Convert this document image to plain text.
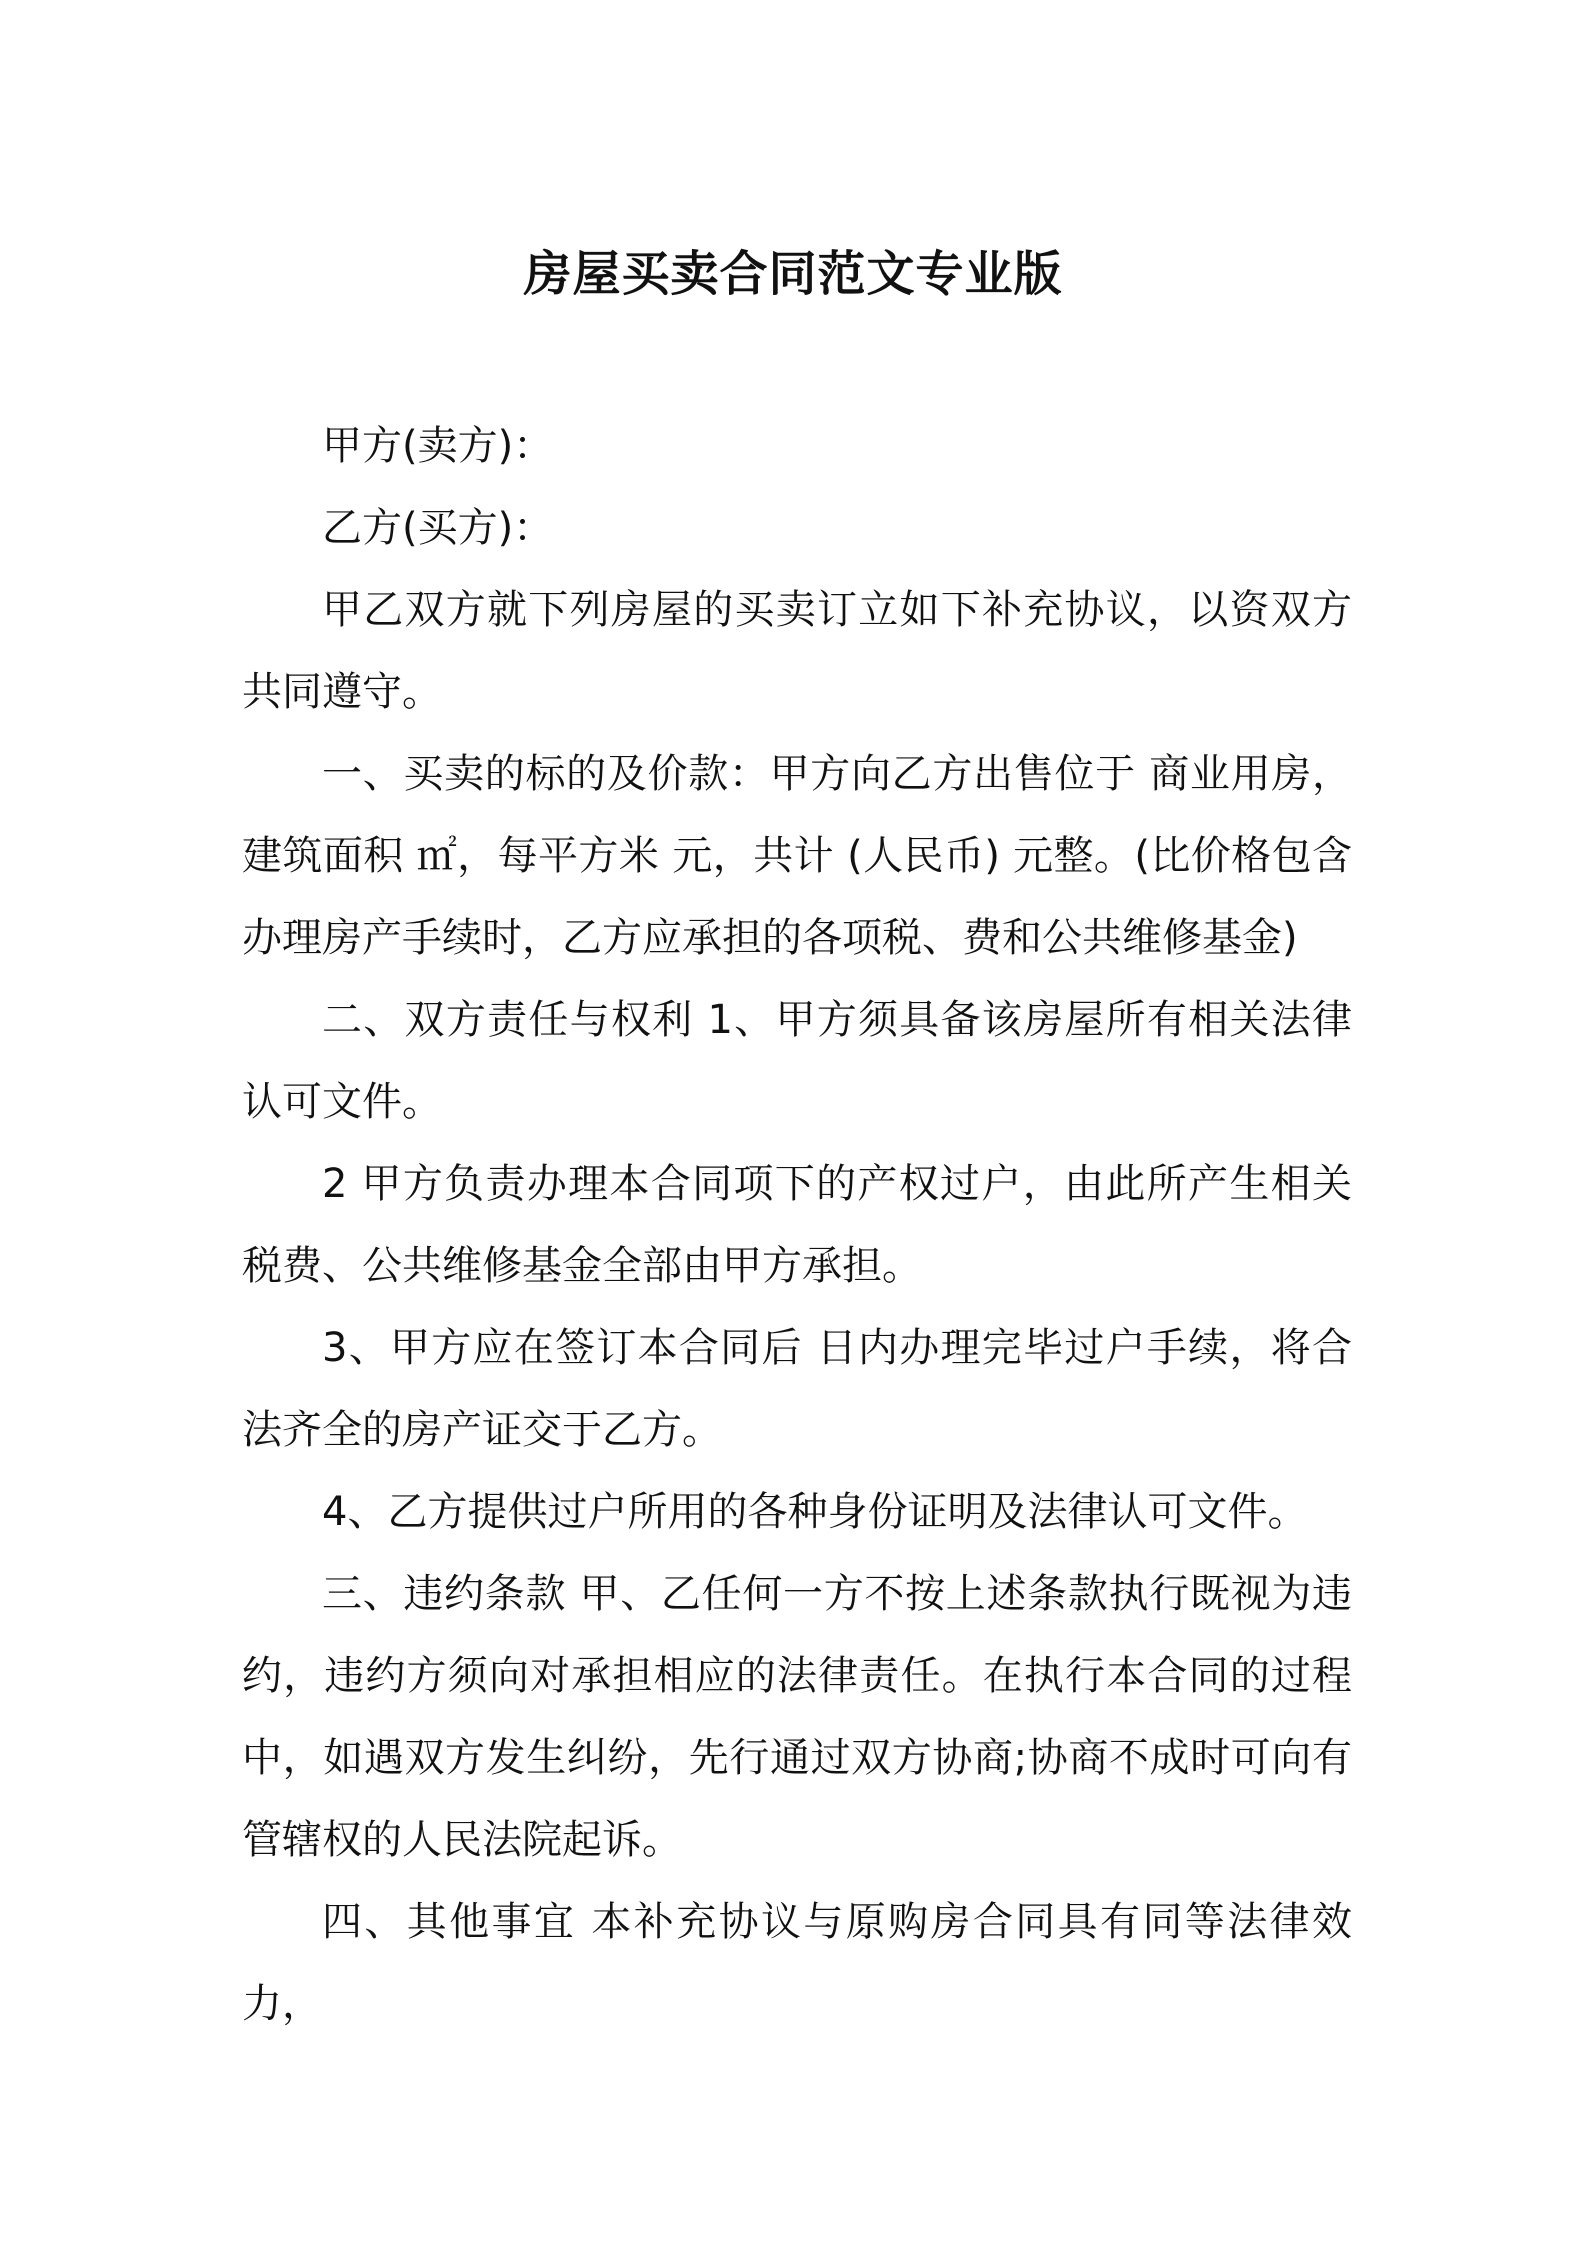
房屋买卖合同范文专业版

甲方(卖方)：

乙方(买方)：

甲乙双方就下列房屋的买卖订立如下补充协议，以资双方共同遵守。

一、买卖的标的及价款：甲方向乙方出售位于 商业用房，建筑面积 ㎡，每平方米 元，共计 (人民币) 元整。(比价格包含办理房产手续时，乙方应承担的各项税、费和公共维修基金)

二、双方责任与权利 1、甲方须具备该房屋所有相关法律认可文件。

2 甲方负责办理本合同项下的产权过户，由此所产生相关税费、公共维修基金全部由甲方承担。

3、甲方应在签订本合同后 日内办理完毕过户手续，将合法齐全的房产证交于乙方。

4、乙方提供过户所用的各种身份证明及法律认可文件。

三、违约条款 甲、乙任何一方不按上述条款执行既视为违约，违约方须向对承担相应的法律责任。在执行本合同的过程中，如遇双方发生纠纷，先行通过双方协商;协商不成时可向有管辖权的人民法院起诉。

四、其他事宜 本补充协议与原购房合同具有同等法律效力，
